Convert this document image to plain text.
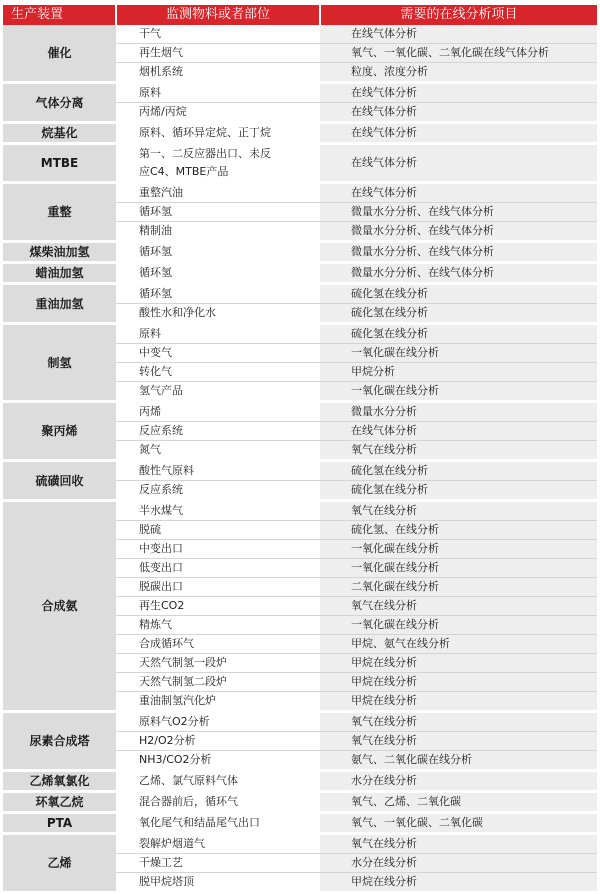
生产装置	监测物料或者部位	需要的在线分析项目
催化	干气	在线气体分析
	再生烟气	氧气、一氧化碳、二氧化碳在线气体分析
	烟机系统	粒度、浓度分析
气体分离	原料	在线气体分析
	丙烯/丙烷	在线气体分析
烷基化	原料、循环异定烷、正丁烷	在线气体分析
MTBE	第一、二反应器出口、未反应C4、MTBE产品	在线气体分析
重整	重整汽油	在线气体分析
	循环氢	微量水分分析、在线气体分析
	精制油	微量水分分析、在线气体分析
煤柴油加氢	循环氢	微量水分分析、在线气体分析
蜡油加氢	循环氢	微量水分分析、在线气体分析
重油加氢	循环氢	硫化氢在线分析
	酸性水和净化水	硫化氢在线分析
制氢	原料	硫化氢在线分析
	中变气	一氧化碳在线分析
	转化气	甲烷分析
	氢气产品	一氧化碳在线分析
聚丙烯	丙烯	微量水分分析
	反应系统	在线气体分析
	氮气	氧气在线分析
硫磺回收	酸性气原料	硫化氢在线分析
	反应系统	硫化氢在线分析
合成氨	半水煤气	氧气在线分析
	脱硫	硫化氢、在线分析
	中变出口	一氧化碳在线分析
	低变出口	一氧化碳在线分析
	脱碳出口	二氧化碳在线分析
	再生CO2	氧气在线分析
	精炼气	一氧化碳在线分析
	合成循环气	甲烷、氨气在线分析
	天然气制氢一段炉	甲烷在线分析
	天然气制氢二段炉	甲烷在线分析
	重油制氢汽化炉	甲烷在线分析
尿素合成塔	原料气O2分析	氧气在线分析
	H2/O2分析	氧气在线分析
	NH3/CO2分析	氨气、二氧化碳在线分析
乙烯氧氯化	乙烯、氯气原料气体	水分在线分析
环氧乙烷	混合器前后，循环气	氧气、乙烯、二氧化碳
PTA	氧化尾气和结晶尾气出口	氧气、一氧化碳、二氧化碳
乙烯	裂解炉烟道气	氧气在线分析
	干燥工艺	水分在线分析
	脱甲烷塔顶	甲烷在线分析
